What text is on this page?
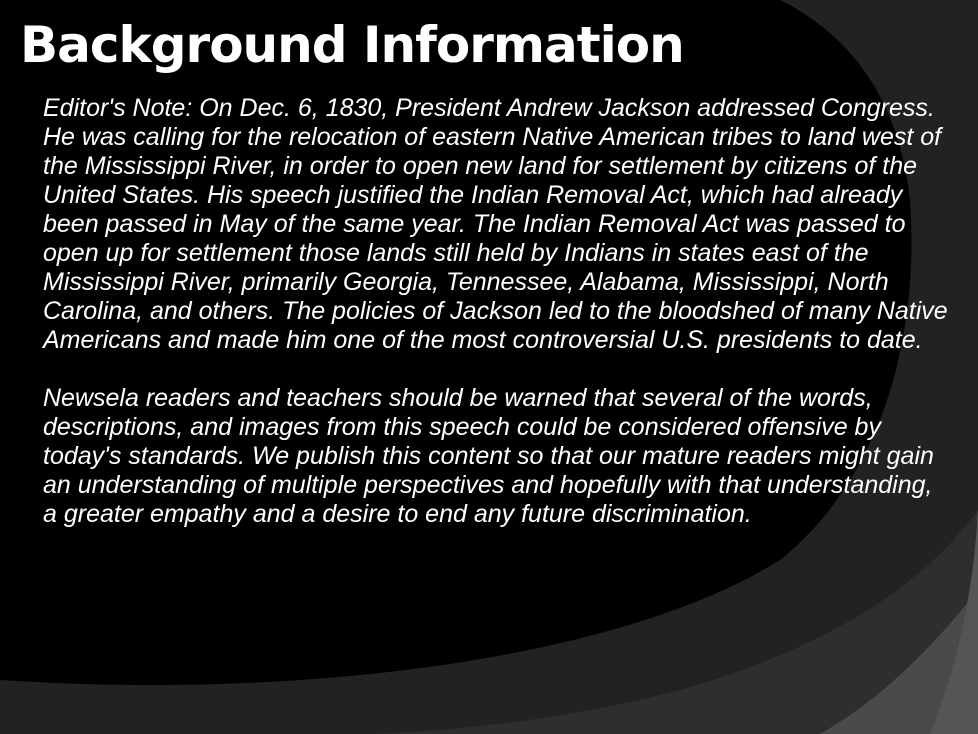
Background Information

Editor's Note: On Dec. 6, 1830, President Andrew Jackson addressed Congress. He was calling for the relocation of eastern Native American tribes to land west of the Mississippi River, in order to open new land for settlement by citizens of the United States. His speech justified the Indian Removal Act, which had already been passed in May of the same year. The Indian Removal Act was passed to open up for settlement those lands still held by Indians in states east of the Mississippi River, primarily Georgia, Tennessee, Alabama, Mississippi, North Carolina, and others. The policies of Jackson led to the bloodshed of many Native Americans and made him one of the most controversial U.S. presidents to date.

Newsela readers and teachers should be warned that several of the words, descriptions, and images from this speech could be considered offensive by today's standards. We publish this content so that our mature readers might gain an understanding of multiple perspectives and hopefully with that understanding, a greater empathy and a desire to end any future discrimination.
